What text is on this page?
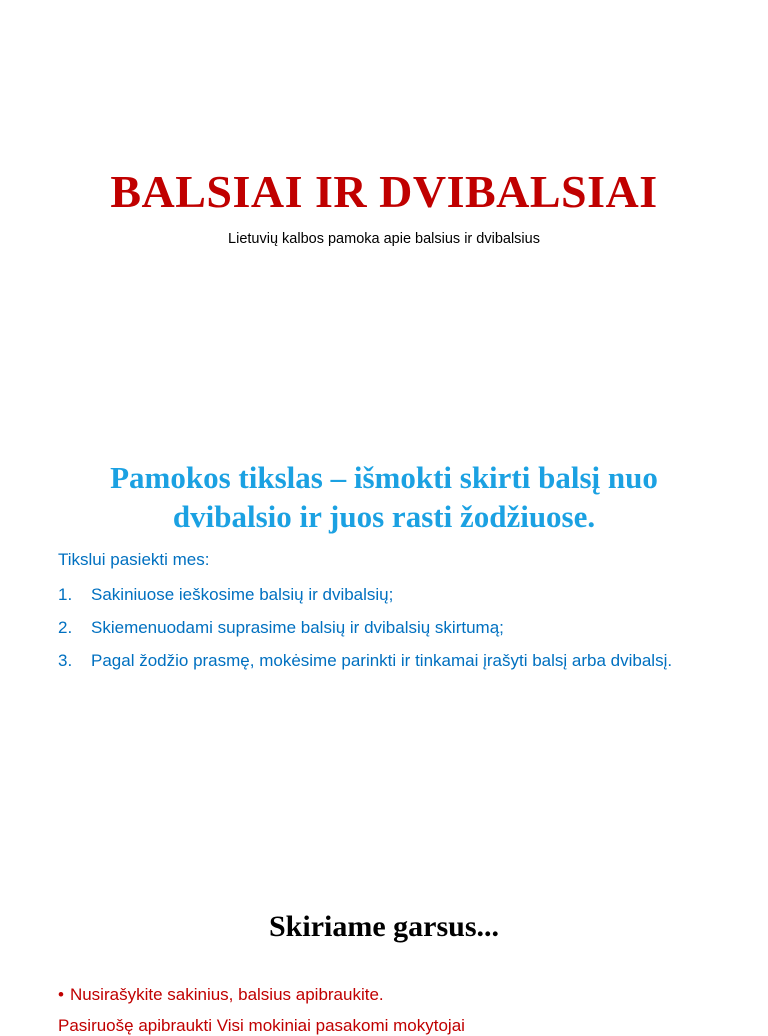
BALSIAI IR DVIBALSIAI

Lietuvių kalbos pamoka apie balsius ir dvibalsius

Pamokos tikslas – išmokti skirti balsį nuo
dvibalsio ir juos rasti žodžiuose.

Tikslui pasiekti mes:

1. Sakiniuose ieškosime balsių ir dvibalsių;
2. Skiemenuodami suprasime balsių ir dvibalsių skirtumą;
3. Pagal žodžio prasmę, mokėsime parinkti ir tinkamai įrašyti balsį arba dvibalsį.
Skiriame garsus...

• Nusirašykite sakinius, balsius apibraukite.

Pasiruošę apibraukti Visi mokiniai pasakomi mokytojai
